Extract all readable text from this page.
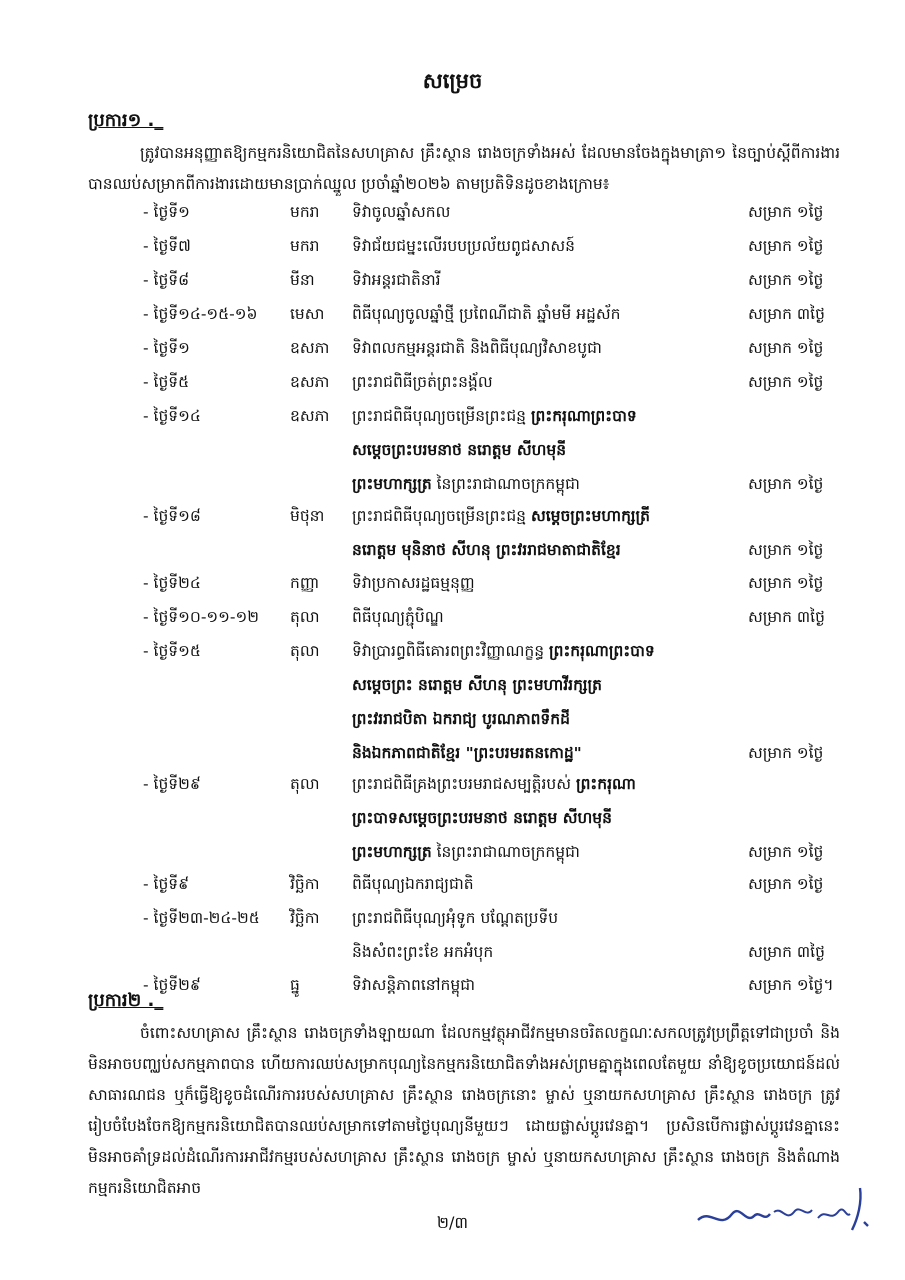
សម្រេច
ប្រការ១ ._
ត្រូវបានអនុញ្ញាតឱ្យកម្មករនិយោជិតនៃសហគ្រាស គ្រឹះស្ថាន រោងចក្រទាំងអស់ ដែលមានចែងក្នុងមាត្រា១ នៃច្បាប់ស្តីពីការងារ បានឈប់សម្រាកពីការងារដោយមានប្រាក់ឈ្នួល ប្រចាំឆ្នាំ២០២៦ តាមប្រតិទិនដូចខាងក្រោម៖
- ថ្ងៃទី១	មករា ទិវាចូលឆ្នាំសកល	សម្រាក ១ថ្ងៃ
- ថ្ងៃទី៧	មករា ទិវាជ័យជម្នះលើរបបប្រល័យពូជសាសន៍	សម្រាក ១ថ្ងៃ
- ថ្ងៃទី៨	មីនា ទិវាអន្តរជាតិនារី	សម្រាក ១ថ្ងៃ
- ថ្ងៃទី១៤-១៥-១៦ មេសា ពិធីបុណ្យចូលឆ្នាំថ្មី ប្រពៃណីជាតិ ឆ្នាំមមី អដ្ឋស័ក	សម្រាក ៣ថ្ងៃ
- ថ្ងៃទី១	ឧសភា ទិវាពលកម្មអន្តរជាតិ និងពិធីបុណ្យវិសាខបូជា	សម្រាក ១ថ្ងៃ
- ថ្ងៃទី៥	ឧសភា ព្រះរាជពិធីច្រត់ព្រះនង្គ័ល	សម្រាក ១ថ្ងៃ
- ថ្ងៃទី១៤	ឧសភា ព្រះរាជពិធីបុណ្យចម្រើនព្រះជន្ម ព្រះករុណាព្រះបាទ
សម្តេចព្រះបរមនាថ នរោត្តម សីហមុនី
ព្រះមហាក្សត្រ នៃព្រះរាជាណាចក្រកម្ពុជា	សម្រាក ១ថ្ងៃ
- ថ្ងៃទី១៨	មិថុនា ព្រះរាជពិធីបុណ្យចម្រើនព្រះជន្ម សម្តេចព្រះមហាក្សត្រី
នរោត្តម មុនិនាថ សីហនុ ព្រះវររាជមាតាជាតិខ្មែរ	សម្រាក ១ថ្ងៃ
- ថ្ងៃទី២៤	កញ្ញា ទិវាប្រកាសរដ្ឋធម្មនុញ្ញ	សម្រាក ១ថ្ងៃ
- ថ្ងៃទី១០-១១-១២ តុលា ពិធីបុណ្យភ្ជុំបិណ្ឌ	សម្រាក ៣ថ្ងៃ
- ថ្ងៃទី១៥	តុលា ទិវាប្រារព្ធពិធីគោរពព្រះវិញ្ញាណក្ខន្ធ ព្រះករុណាព្រះបាទ
សម្តេចព្រះ នរោត្តម សីហនុ ព្រះមហាវីរក្សត្រ
ព្រះវររាជបិតា ឯករាជ្យ បូរណភាពទឹកដី
និងឯកភាពជាតិខ្មែរ "ព្រះបរមរតនកោដ្ឋ"	សម្រាក ១ថ្ងៃ
- ថ្ងៃទី២៩	តុលា ព្រះរាជពិធីគ្រងព្រះបរមរាជសម្បត្តិរបស់ ព្រះករុណា
ព្រះបាទសម្តេចព្រះបរមនាថ នរោត្តម សីហមុនី
ព្រះមហាក្សត្រ នៃព្រះរាជាណាចក្រកម្ពុជា	សម្រាក ១ថ្ងៃ
- ថ្ងៃទី៩	វិច្ឆិកា ពិធីបុណ្យឯករាជ្យជាតិ	សម្រាក ១ថ្ងៃ
- ថ្ងៃទី២៣-២៤-២៥ វិច្ឆិកា ព្រះរាជពិធីបុណ្យអុំទូក បណ្តែតប្រទីប
និងសំពះព្រះខែ អកអំបុក	សម្រាក ៣ថ្ងៃ
- ថ្ងៃទី២៩	ធ្នូ	ទិវាសន្តិភាពនៅកម្ពុជា	សម្រាក ១ថ្ងៃ។
ប្រការ២ ._
ចំពោះសហគ្រាស គ្រឹះស្ថាន រោងចក្រទាំងឡាយណា ដែលកម្មវត្ថុអាជីវកម្មមានចរិតលក្ខណៈសកលត្រូវប្រព្រឹត្តទៅជាប្រចាំ និងមិនអាចបញ្ឈប់សកម្មភាពបាន ហើយការឈប់សម្រាកបុណ្យនៃកម្មករនិយោជិតទាំងអស់ព្រមគ្នាក្នុងពេលតែមួយ នាំឱ្យខូចប្រយោជន៍ដល់សាធារណជន ឬក៏ធ្វើឱ្យខូចដំណើរការរបស់សហគ្រាស គ្រឹះស្ថាន រោងចក្រនោះ ម្ចាស់ ឬនាយកសហគ្រាស គ្រឹះស្ថាន រោងចក្រ ត្រូវរៀបចំបែងចែកឱ្យកម្មករនិយោជិតបានឈប់សម្រាកទៅតាមថ្ងៃបុណ្យនីមួយៗ ដោយផ្លាស់ប្តូរវេនគ្នា។ ប្រសិនបើការផ្លាស់ប្តូរវេនគ្នានេះ មិនអាចគាំទ្រដល់ដំណើរការអាជីវកម្មរបស់សហគ្រាស គ្រឹះស្ថាន រោងចក្រ ម្ចាស់ ឬនាយកសហគ្រាស គ្រឹះស្ថាន រោងចក្រ និងតំណាងកម្មករនិយោជិតអាច
២/៣
